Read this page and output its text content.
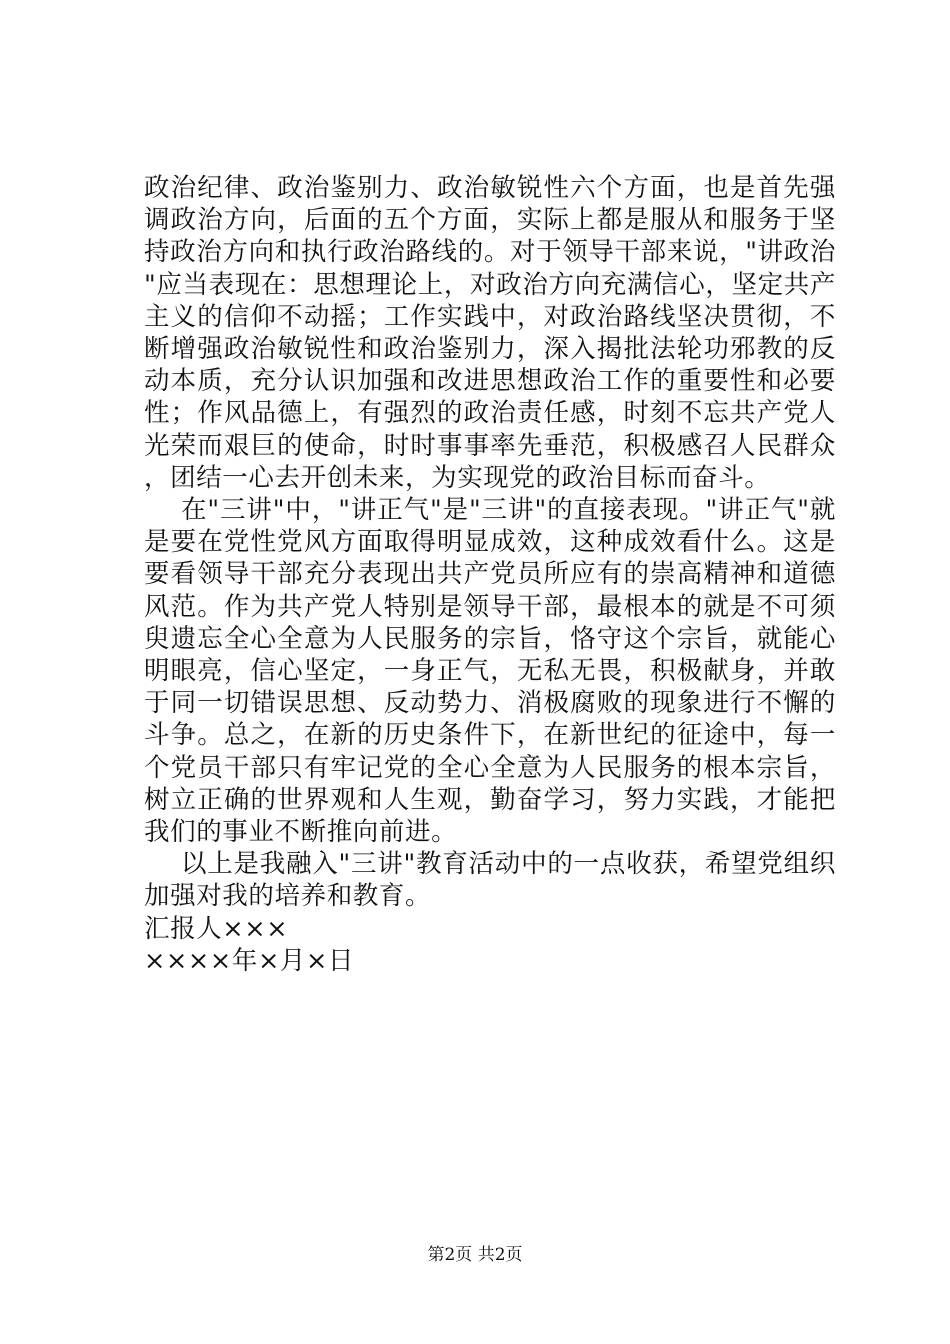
政治纪律、政治鉴别力、政治敏锐性六个方面，也是首先强调政治方向，后面的五个方面，实际上都是服从和服务于坚持政治方向和执行政治路线的。对于领导干部来说，"讲政治"应当表现在：思想理论上，对政治方向充满信心，坚定共产主义的信仰不动摇；工作实践中，对政治路线坚决贯彻，不断增强政治敏锐性和政治鉴别力，深入揭批法轮功邪教的反动本质，充分认识加强和改进思想政治工作的重要性和必要性；作风品德上，有强烈的政治责任感，时刻不忘共产党人光荣而艰巨的使命，时时事事率先垂范，积极感召人民群众，团结一心去开创未来，为实现党的政治目标而奋斗。

在"三讲"中，"讲正气"是"三讲"的直接表现。"讲正气"就是要在党性党风方面取得明显成效，这种成效看什么。这是要看领导干部充分表现出共产党员所应有的崇高精神和道德风范。作为共产党人特别是领导干部，最根本的就是不可须臾遗忘全心全意为人民服务的宗旨，恪守这个宗旨，就能心明眼亮，信心坚定，一身正气，无私无畏，积极献身，并敢于同一切错误思想、反动势力、消极腐败的现象进行不懈的斗争。总之，在新的历史条件下，在新世纪的征途中，每一个党员干部只有牢记党的全心全意为人民服务的根本宗旨，树立正确的世界观和人生观，勤奋学习，努力实践，才能把我们的事业不断推向前进。

以上是我融入"三讲"教育活动中的一点收获，希望党组织加强对我的培养和教育。

汇报人×××

××××年×月×日

第2页 共2页
